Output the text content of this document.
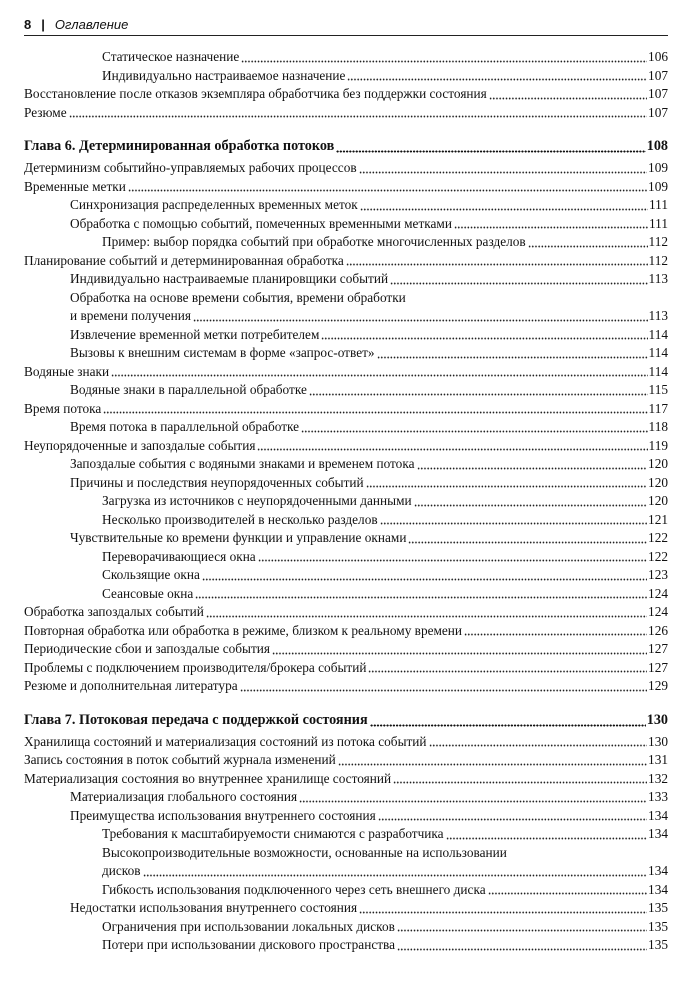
8 | Оглавление
Статическое назначение	106
Индивидуально настраиваемое назначение	107
Восстановление после отказов экземпляра обработчика без поддержки состояния	107
Резюме	107
Глава 6. Детерминированная обработка потоков	108
Детерминизм событийно-управляемых рабочих процессов	109
Временные метки	109
Синхронизация распределенных временных меток	111
Обработка с помощью событий, помеченных временными метками	111
Пример: выбор порядка событий при обработке многочисленных разделов	112
Планирование событий и детерминированная обработка	112
Индивидуально настраиваемые планировщики событий	113
Обработка на основе времени события, времени обработки
и времени получения	113
Извлечение временной метки потребителем	114
Вызовы к внешним системам в форме «запрос-ответ»	114
Водяные знаки	114
Водяные знаки в параллельной обработке	115
Время потока	117
Время потока в параллельной обработке	118
Неупорядоченные и запоздалые события	119
Запоздалые события с водяными знаками и временем потока	120
Причины и последствия неупорядоченных событий	120
Загрузка из источников с неупорядоченными данными	120
Несколько производителей в несколько разделов	121
Чувствительные ко времени функции и управление окнами	122
Переворачивающиеся окна	122
Скользящие окна	123
Сеансовые окна	124
Обработка запоздалых событий	124
Повторная обработка или обработка в режиме, близком к реальному времени	126
Периодические сбои и запоздалые события	127
Проблемы с подключением производителя/брокера событий	127
Резюме и дополнительная литература	129
Глава 7. Потоковая передача с поддержкой состояния	130
Хранилища состояний и материализация состояний из потока событий	130
Запись состояния в поток событий журнала изменений	131
Материализация состояния во внутреннее хранилище состояний	132
Материализация глобального состояния	133
Преимущества использования внутреннего состояния	134
Требования к масштабируемости снимаются с разработчика	134
Высокопроизводительные возможности, основанные на использовании
дисков	134
Гибкость использования подключенного через сеть внешнего диска	134
Недостатки использования внутреннего состояния	135
Ограничения при использовании локальных дисков	135
Потери при использовании дискового пространства	135
